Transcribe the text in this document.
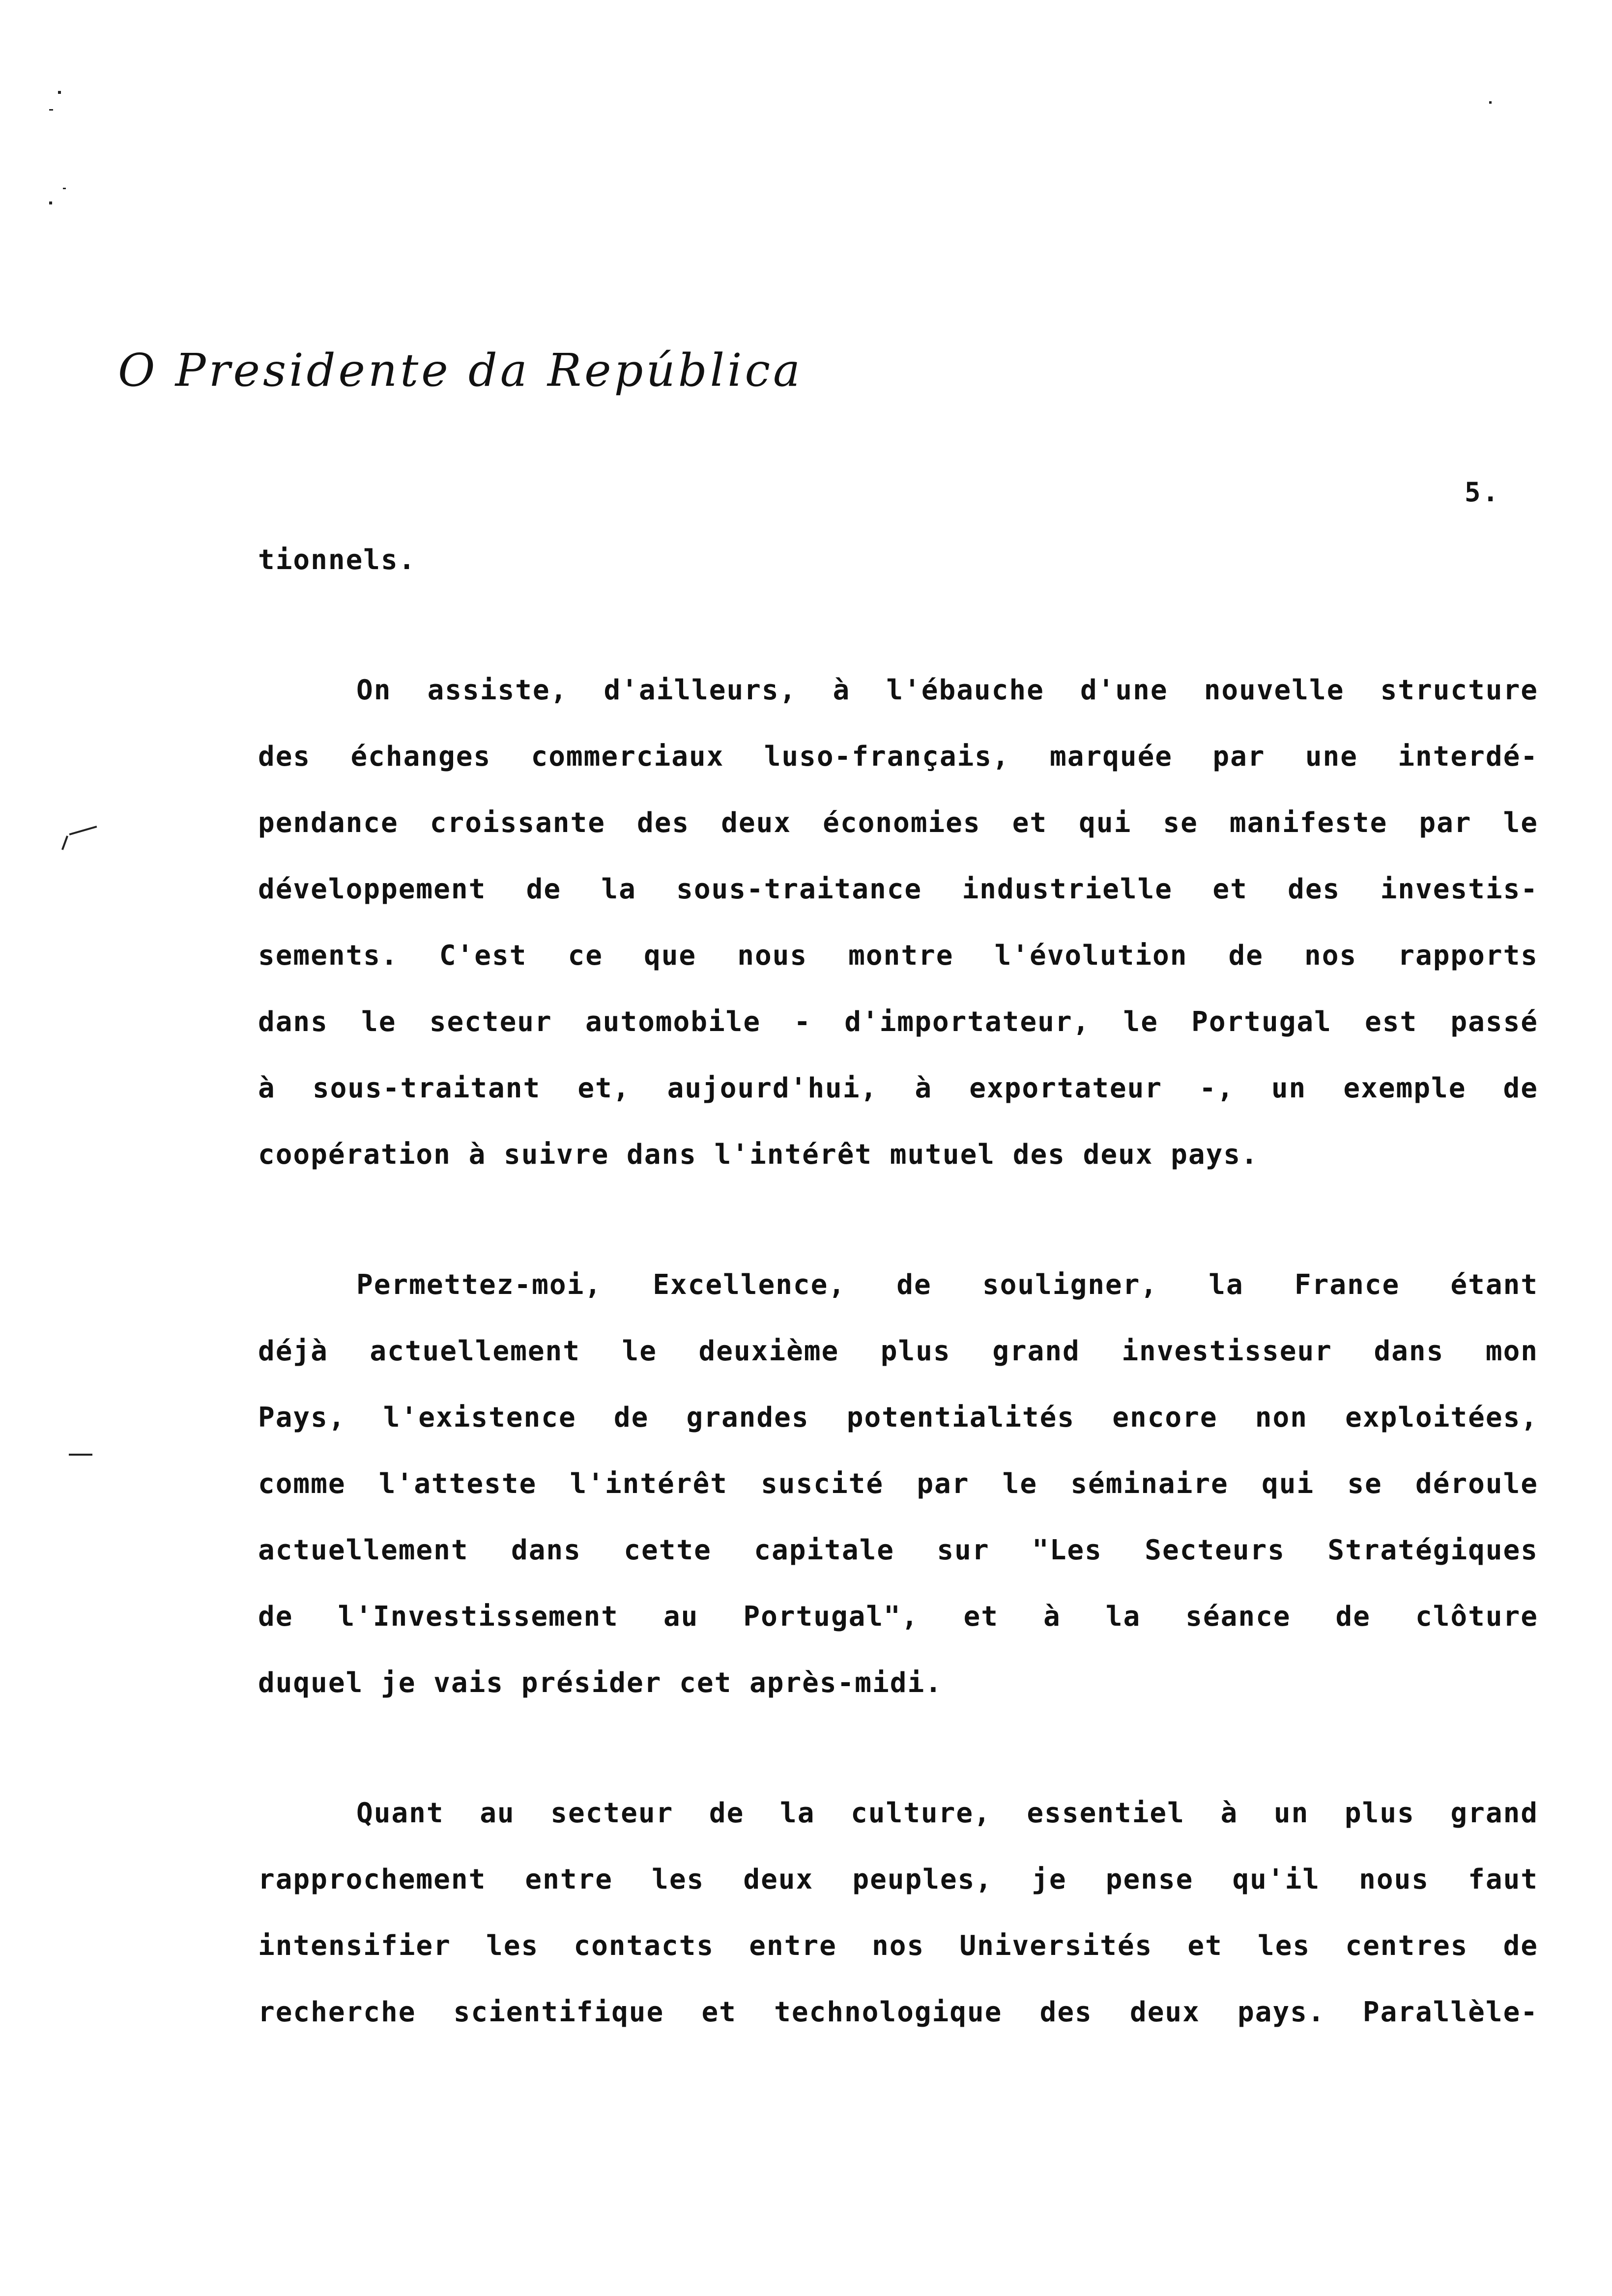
O Presidente da República
5.
tionnels.
On assiste, d'ailleurs, à l'ébauche d'une nouvelle structure
des échanges commerciaux luso-français, marquée par une interdé-
pendance croissante des deux économies et qui se manifeste par le
développement de la sous-traitance industrielle et des investis-
sements. C'est ce que nous montre l'évolution de nos rapports
dans le secteur automobile - d'importateur, le Portugal est passé
à sous-traitant et, aujourd'hui, à exportateur -, un exemple de
coopération à suivre dans l'intérêt mutuel des deux pays.
Permettez-moi, Excellence, de souligner, la France étant
déjà actuellement le deuxième plus grand investisseur dans mon
Pays, l'existence de grandes potentialités encore non exploitées,
comme l'atteste l'intérêt suscité par le séminaire qui se déroule
actuellement dans cette capitale sur "Les Secteurs Stratégiques
de l'Investissement au Portugal", et à la séance de clôture
duquel je vais présider cet après-midi.
Quant au secteur de la culture, essentiel à un plus grand
rapprochement entre les deux peuples, je pense qu'il nous faut
intensifier les contacts entre nos Universités et les centres de
recherche scientifique et technologique des deux pays. Parallèle-
